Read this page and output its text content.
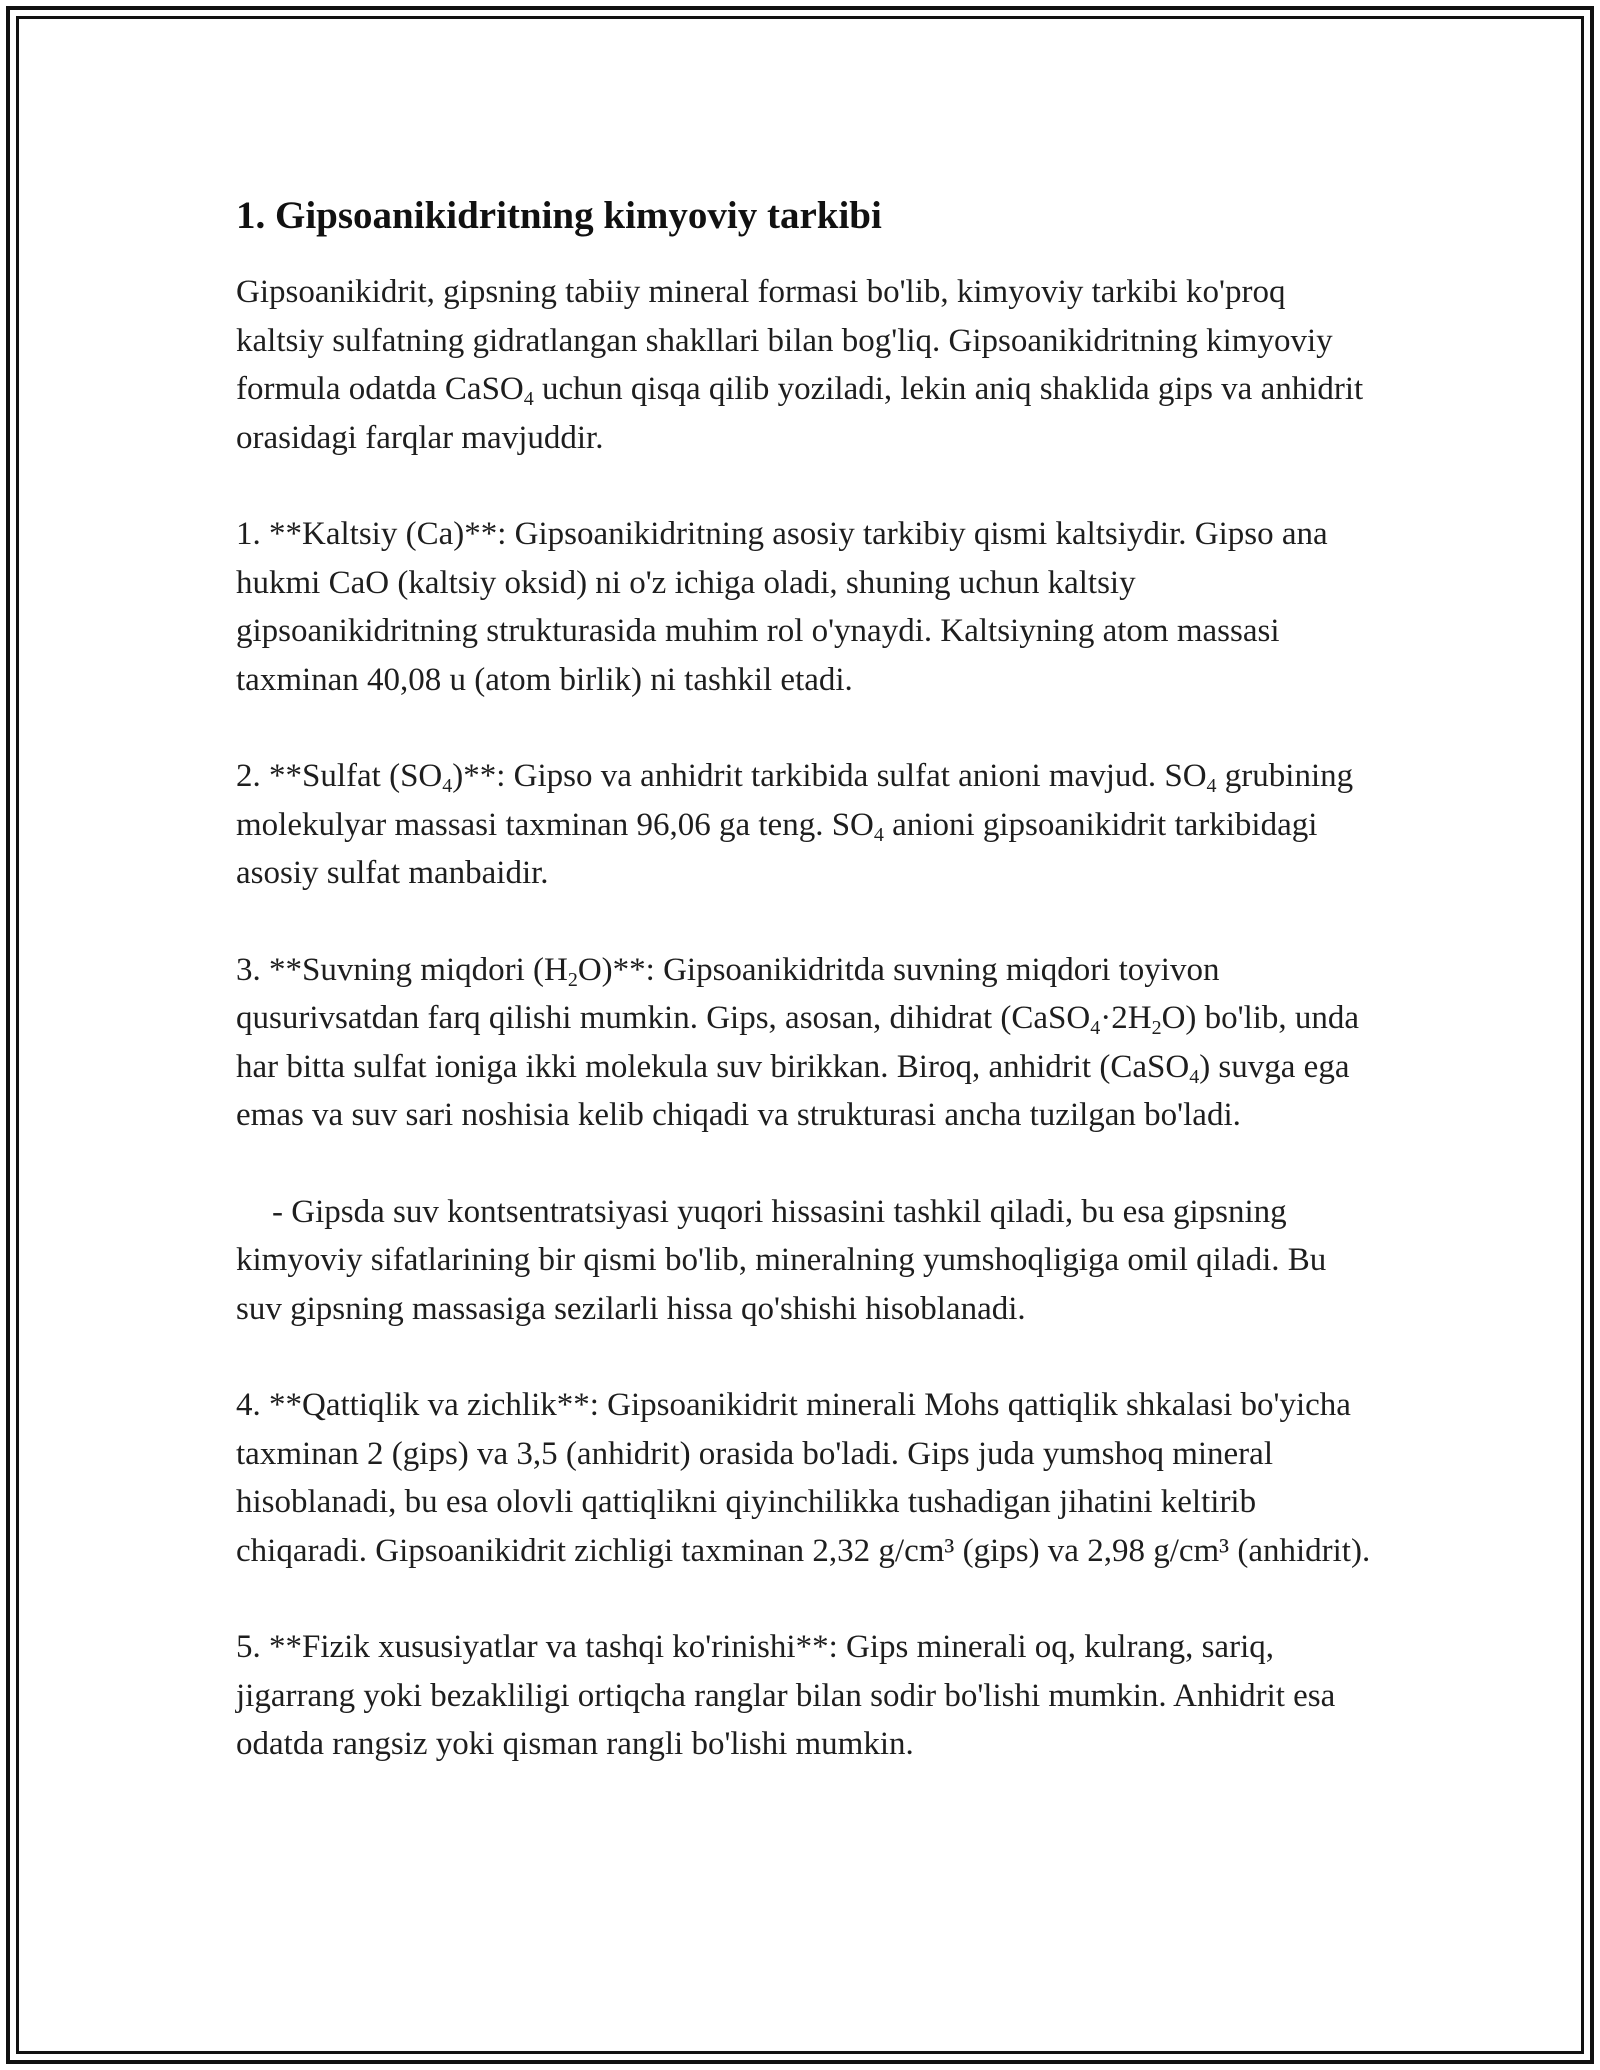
1. Gipsoanikidritning kimyoviy tarkibi

Gipsoanikidrit, gipsning tabiiy mineral formasi bo'lib, kimyoviy tarkibi ko'proq kaltsiy sulfatning gidratlangan shakllari bilan bog'liq. Gipsoanikidritning kimyoviy formula odatda CaSO$_4$ uchun qisqa qilib yoziladi, lekin aniq shaklida gips va anhidrit orasidagi farqlar mavjuddir.

1. **Kaltsiy (Ca)**: Gipsoanikidritning asosiy tarkibiy qismi kaltsiydir. Gipso ana hukmi CaO (kaltsiy oksid) ni o'z ichiga oladi, shuning uchun kaltsiy gipsoanikidritning strukturasida muhim rol o'ynaydi. Kaltsiyning atom massasi taxminan 40,08 u (atom birlik) ni tashkil etadi.

2. **Sulfat $(SO_4)**$: Gipso va anhidrit tarkibida sulfat anioni mavjud. $SO_4$ grubining molekulyar massasi taxminan 96,06 ga teng. $SO_4$ anioni gipsoanikidrit tarkibidagi asosiy sulfat manbaidir.

3. **Suvning miqdori $(H_2O)**$: Gipsoanikidritda suvning miqdori toyivon qusurivsatdan farq qilishi mumkin. Gips, asosan, dihidrat $(CaSO_4\cdot 2H_2O)$ bo'lib, unda har bitta sulfat ioniga ikki molekula suv birikkan. Biroq, anhidrit (CaSO$_4$) suvga ega emas va suv sari noshisia kelib chiqadi va strukturasi ancha tuzilgan bo'ladi.

- Gipsda suv kontsentratsiyasi yuqori hissasini tashkil qiladi, bu esa gipsning kimyoviy sifatlarining bir qismi bo'lib, mineralning yumshoqligiga omil qiladi. Bu suv gipsning massasiga sezilarli hissa qo'shishi hisoblanadi.

4. **Qattiqlik va zichlik**: Gipsoanikidrit minerali Mohs qattiqlik shkalasi bo'yicha taxminan 2 (gips) va 3,5 (anhidrit) orasida bo'ladi. Gips juda yumshoq mineral hisoblanadi, bu esa olovli qattiqlikni qiyinchilikka tushadigan jihatini keltirib chiqaradi. Gipsoanikidrit zichligi taxminan 2,32 g/cm³ (gips) va 2,98 g/cm³ (anhidrit).

5. **Fizik xususiyatlar va tashqi ko'rinishi**: Gips minerali oq, kulrang, sariq, jigarrang yoki bezakliligi ortiqcha ranglar bilan sodir bo'lishi mumkin. Anhidrit esa odatda rangsiz yoki qisman rangli bo'lishi mumkin.
